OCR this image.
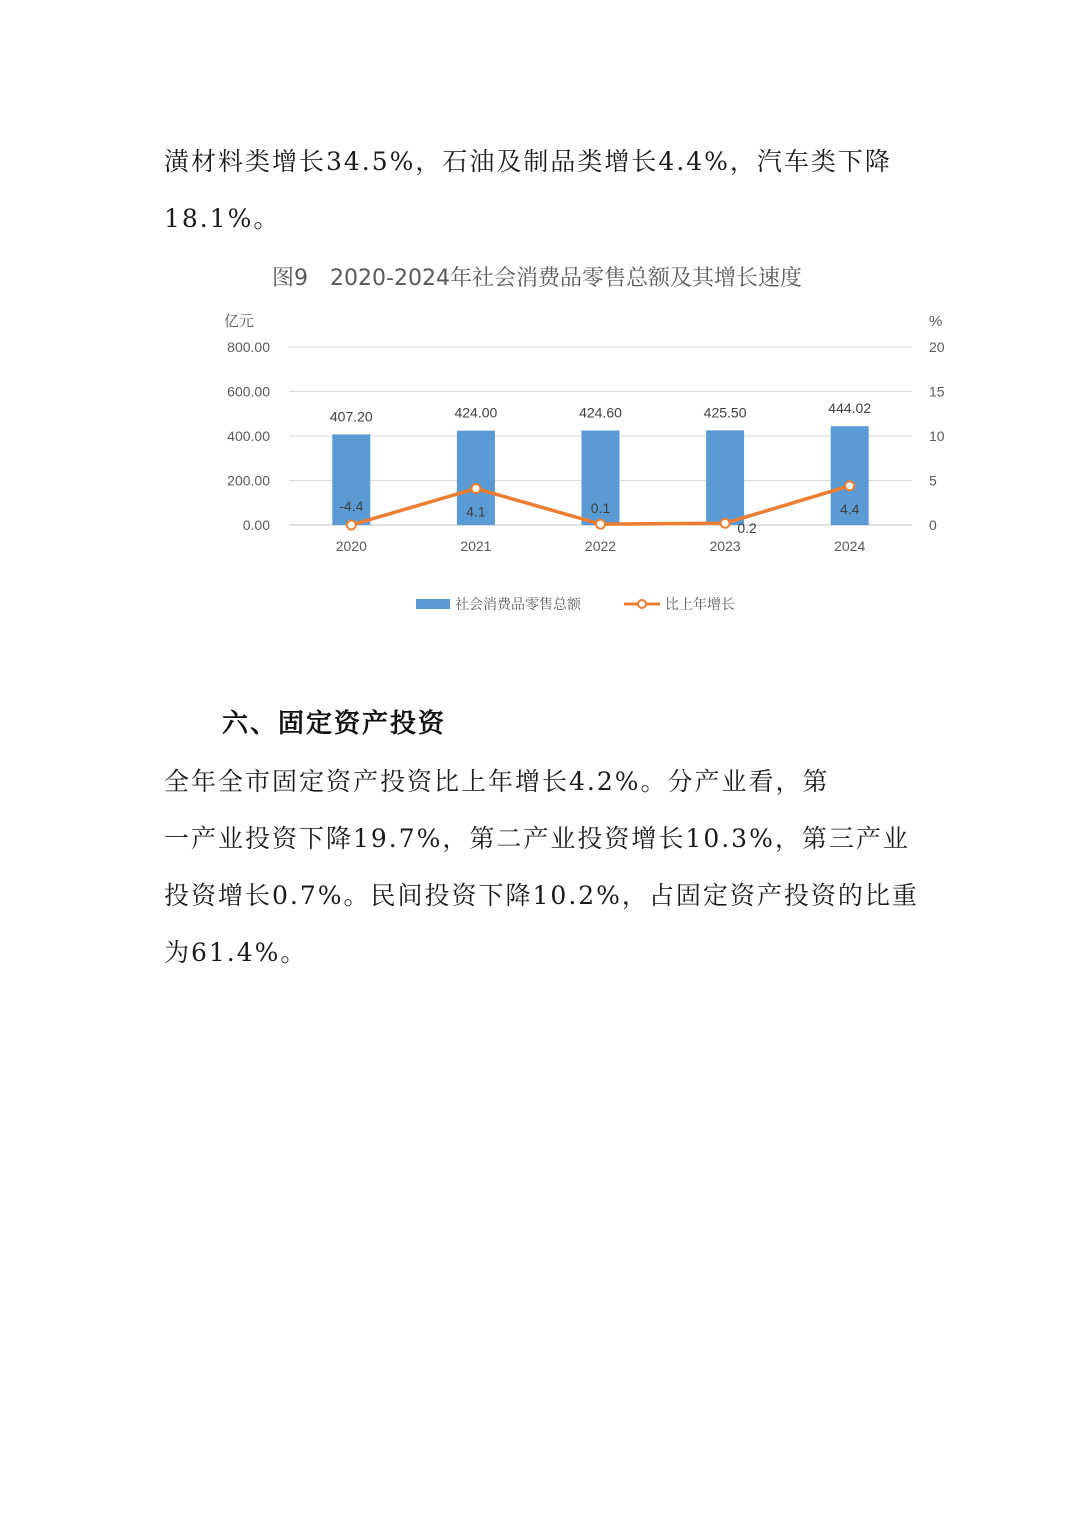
潢材料类增长34.5%，石油及制品类增长4.4%，汽车类下降
18.1%。
图9　2020-2024年社会消费品零售总额及其增长速度
800.00
600.00
400.00
200.00
0.00
20
15
10
5
0
亿元	%
2020	2021	2022	2023	2024
407.20	424.00	424.60	425.50	444.02
-4.4	4.1	0.1
0.2
4.4
社会消费品零售总额	比上年增长
六、固定资产投资
全年全市固定资产投资比上年增长4.2%。分产业看，第
一产业投资下降19.7%，第二产业投资增长10.3%，第三产业
投资增长0.7%。民间投资下降10.2%，占固定资产投资的比重
为61.4%。
